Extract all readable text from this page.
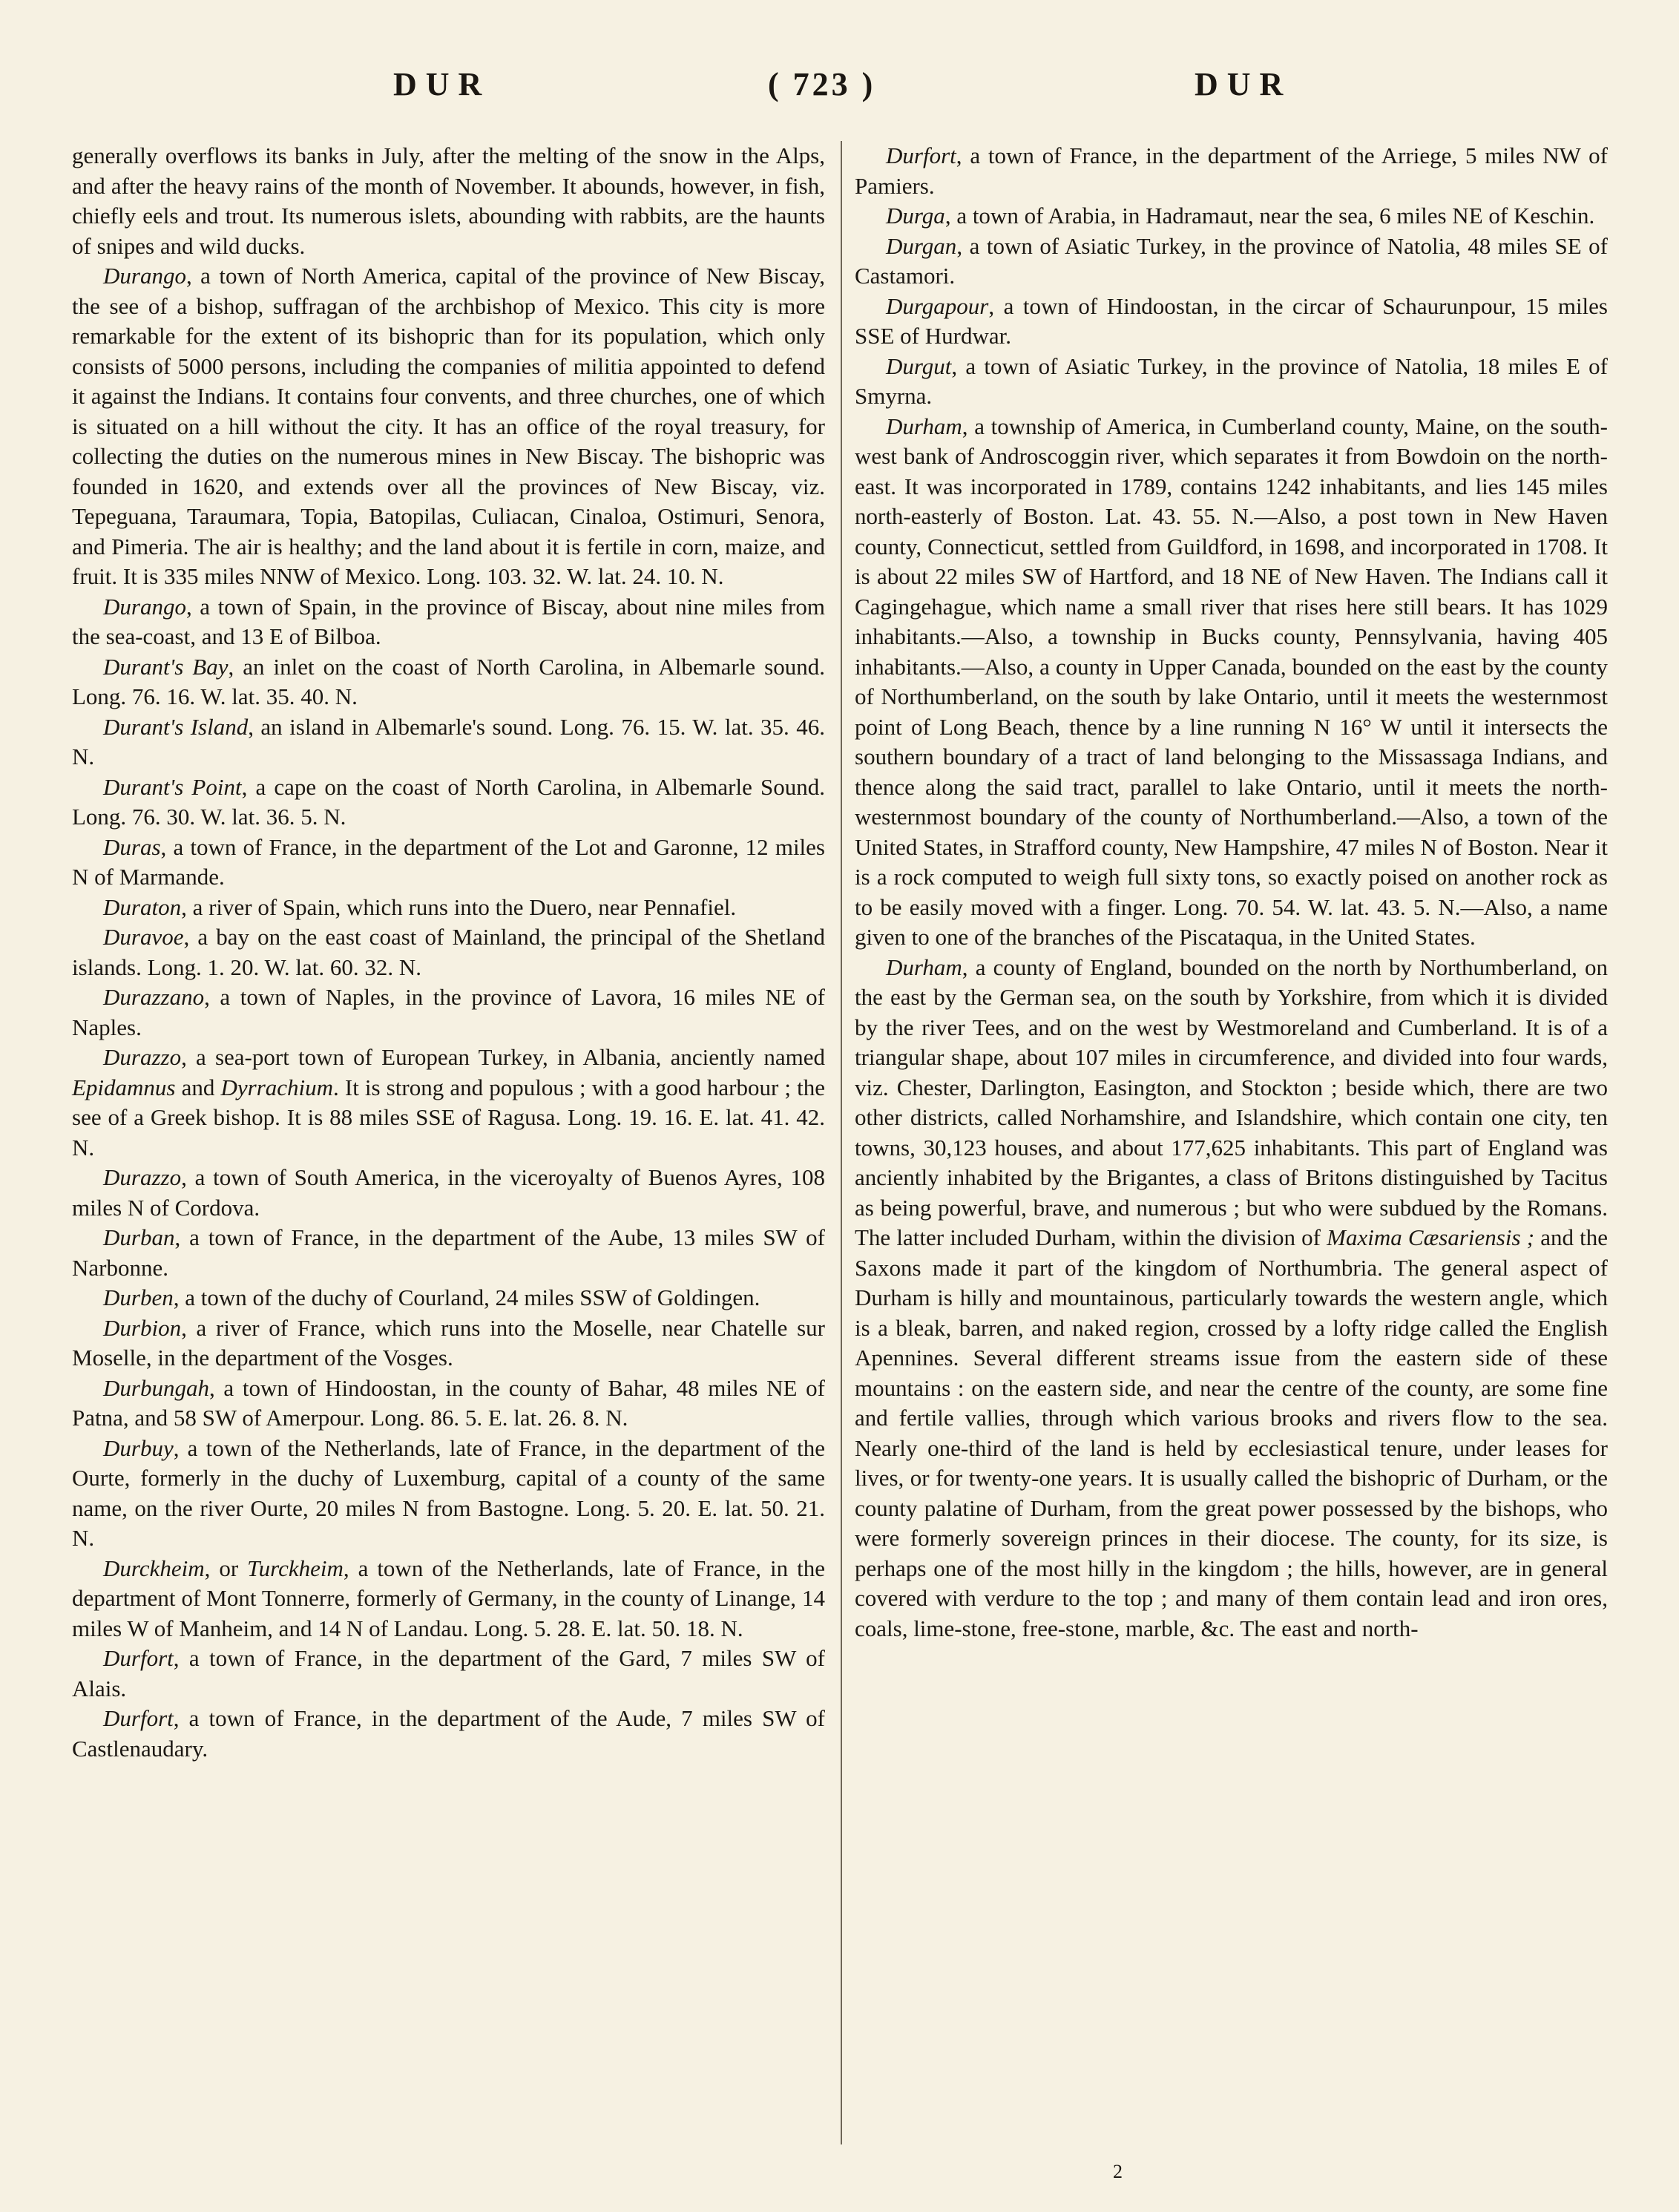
DUR	( 723 )	DUR

generally overflows its banks in July, after the melting of the snow in the Alps, and after the heavy rains of the month of November. It abounds, however, in fish, chiefly eels and trout. Its numerous islets, abounding with rabbits, are the haunts of snipes and wild ducks.

Durango, a town of North America, capital of the province of New Biscay, the see of a bishop, suffragan of the archbishop of Mexico. This city is more remarkable for the extent of its bishopric than for its population, which only consists of 5000 persons, including the companies of militia appointed to defend it against the Indians. It contains four convents, and three churches, one of which is situated on a hill without the city. It has an office of the royal treasury, for collecting the duties on the numerous mines in New Biscay. The bishopric was founded in 1620, and extends over all the provinces of New Biscay, viz. Tepeguana, Taraumara, Topia, Batopilas, Culiacan, Cinaloa, Ostimuri, Senora, and Pimeria. The air is healthy; and the land about it is fertile in corn, maize, and fruit. It is 335 miles NNW of Mexico. Long. 103. 32. W. lat. 24. 10. N.

Durango, a town of Spain, in the province of Biscay, about nine miles from the sea-coast, and 13 E of Bilboa.

Durant's Bay, an inlet on the coast of North Carolina, in Albemarle sound. Long. 76. 16. W. lat. 35. 40. N.

Durant's Island, an island in Albemarle's sound. Long. 76. 15. W. lat. 35. 46. N.

Durant's Point, a cape on the coast of North Carolina, in Albemarle Sound. Long. 76. 30. W. lat. 36. 5. N.

Duras, a town of France, in the department of the Lot and Garonne, 12 miles N of Marmande.

Duraton, a river of Spain, which runs into the Duero, near Pennafiel.

Duravoe, a bay on the east coast of Mainland, the principal of the Shetland islands. Long. 1. 20. W. lat. 60. 32. N.

Durazzano, a town of Naples, in the province of Lavora, 16 miles NE of Naples.

Durazzo, a sea-port town of European Turkey, in Albania, anciently named Epidamnus and Dyrrachium. It is strong and populous ; with a good harbour ; the see of a Greek bishop. It is 88 miles SSE of Ragusa. Long. 19. 16. E. lat. 41. 42. N.

Durazzo, a town of South America, in the viceroyalty of Buenos Ayres, 108 miles N of Cordova.

Durban, a town of France, in the department of the Aube, 13 miles SW of Narbonne.

Durben, a town of the duchy of Courland, 24 miles SSW of Goldingen.

Durbion, a river of France, which runs into the Moselle, near Chatelle sur Moselle, in the department of the Vosges.

Durbungah, a town of Hindoostan, in the county of Bahar, 48 miles NE of Patna, and 58 SW of Amerpour. Long. 86. 5. E. lat. 26. 8. N.

Durbuy, a town of the Netherlands, late of France, in the department of the Ourte, formerly in the duchy of Luxemburg, capital of a county of the same name, on the river Ourte, 20 miles N from Bastogne. Long. 5. 20. E. lat. 50. 21. N.

Durckheim, or Turckheim, a town of the Netherlands, late of France, in the department of Mont Tonnerre, formerly of Germany, in the county of Linange, 14 miles W of Manheim, and 14 N of Landau. Long. 5. 28. E. lat. 50. 18. N.

Durfort, a town of France, in the department of the Gard, 7 miles SW of Alais.

Durfort, a town of France, in the department of the Aude, 7 miles SW of Castlenaudary.

Durfort, a town of France, in the department of the Arriege, 5 miles NW of Pamiers.

Durga, a town of Arabia, in Hadramaut, near the sea, 6 miles NE of Keschin.

Durgan, a town of Asiatic Turkey, in the province of Natolia, 48 miles SE of Castamori.

Durgapour, a town of Hindoostan, in the circar of Schaurunpour, 15 miles SSE of Hurdwar.

Durgut, a town of Asiatic Turkey, in the province of Natolia, 18 miles E of Smyrna.

Durham, a township of America, in Cumberland county, Maine, on the south-west bank of Androscoggin river, which separates it from Bowdoin on the north-east. It was incorporated in 1789, contains 1242 inhabitants, and lies 145 miles north-easterly of Boston. Lat. 43. 55. N.—Also, a post town in New Haven county, Connecticut, settled from Guildford, in 1698, and incorporated in 1708. It is about 22 miles SW of Hartford, and 18 NE of New Haven. The Indians call it Cagingehague, which name a small river that rises here still bears. It has 1029 inhabitants.—Also, a township in Bucks county, Pennsylvania, having 405 inhabitants.—Also, a county in Upper Canada, bounded on the east by the county of Northumberland, on the south by lake Ontario, until it meets the westernmost point of Long Beach, thence by a line running N 16° W until it intersects the southern boundary of a tract of land belonging to the Missassaga Indians, and thence along the said tract, parallel to lake Ontario, until it meets the north-westernmost boundary of the county of Northumberland.—Also, a town of the United States, in Strafford county, New Hampshire, 47 miles N of Boston. Near it is a rock computed to weigh full sixty tons, so exactly poised on another rock as to be easily moved with a finger. Long. 70. 54. W. lat. 43. 5. N.—Also, a name given to one of the branches of the Piscataqua, in the United States.

Durham, a county of England, bounded on the north by Northumberland, on the east by the German sea, on the south by Yorkshire, from which it is divided by the river Tees, and on the west by Westmoreland and Cumberland. It is of a triangular shape, about 107 miles in circumference, and divided into four wards, viz. Chester, Darlington, Easington, and Stockton ; beside which, there are two other districts, called Norhamshire, and Islandshire, which contain one city, ten towns, 30,123 houses, and about 177,625 inhabitants. This part of England was anciently inhabited by the Brigantes, a class of Britons distinguished by Tacitus as being powerful, brave, and numerous ; but who were subdued by the Romans. The latter included Durham, within the division of Maxima Cæsariensis ; and the Saxons made it part of the kingdom of Northumbria. The general aspect of Durham is hilly and mountainous, particularly towards the western angle, which is a bleak, barren, and naked region, crossed by a lofty ridge called the English Apennines. Several different streams issue from the eastern side of these mountains : on the eastern side, and near the centre of the county, are some fine and fertile vallies, through which various brooks and rivers flow to the sea. Nearly one-third of the land is held by ecclesiastical tenure, under leases for lives, or for twenty-one years. It is usually called the bishopric of Durham, or the county palatine of Durham, from the great power possessed by the bishops, who were formerly sovereign princes in their diocese. The county, for its size, is perhaps one of the most hilly in the kingdom ; the hills, however, are in general covered with verdure to the top ; and many of them contain lead and iron ores, coals, lime-stone, free-stone, marble, &c. The east and north-

2
